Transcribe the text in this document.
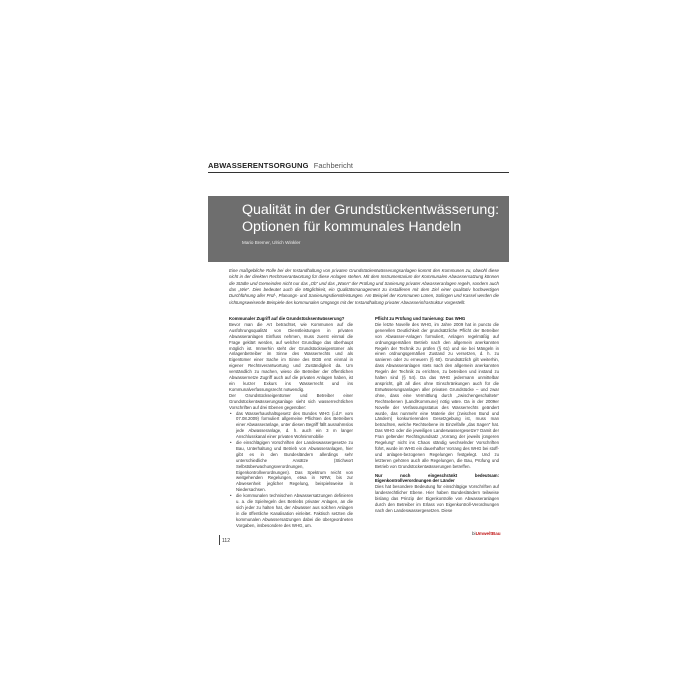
ABWASSERENTSORGUNG Fachbericht
Qualität in der Grundstückentwässerung: Optionen für kommunales Handeln
Mario Bremer, Ulrich Winkler
Eine maßgebliche Rolle bei der Instandhaltung von privaten Grundstückentwässerungsanlagen kommt den Kommunen zu, obwohl diese nicht in der direkten Rechtsverantwortung für diese Anlagen stehen. Mit dem Instrumentarium der Kommunalen Abwassersatzung können die Städte und Gemeinden nicht nur das „Ob“ und das „Wann“ der Prüfung und Sanierung privater Abwasseranlagen regeln, sondern auch das „Wie“. Dies bedeutet auch die Möglichkeit, ein Qualitätsmanagement zu installieren mit dem Ziel einer qualitativ hochwertigen Durchführung aller Prüf-, Planungs- und Sanierungsdienstleistungen. Am Beispiel der Kommunen Lünen, Solingen und Kassel werden die richtungsweisende Beispiele des kommunalen Umgangs mit der Instandhaltung privater Abwasserinfrastruktur vorgestellt.

Kommunaler Zugriff auf die Grundstücksentwässerung?

Bevor man die Art betrachtet, wie Kommunen auf die Ausführungsqualität von Dienstleistungen in privaten Abwasseranlagen Einfluss nehmen, muss zuerst einmal die Frage geklärt werden, auf welcher Grundlage das überhaupt möglich ist. Immerhin steht der Grundstückseigentümer als Anlagenbetreiber im Sinne des Wasserrechts und als Eigentümer einer Sache im Sinne des BGB erst einmal in eigener Rechtsverantwortung und Zuständigkeit da. Um verständlich zu machen, wieso die Betreiber der öffentlichen Abwassernetze Zugriff auch auf die privaten Anlagen haben, ist ein kurzer Exkurs ins Wasserrecht und ins Kommunalverfassungsrecht notwendig.

Der Grundstückseigentümer und Betreiber einer Grundstückentwässerungsanlage sieht sich wasserrechtlichen Vorschriften auf drei Ebenen gegenüber:

• das Wasserhaushaltsgesetz des Bundes WHG (i.d.F. vom 07.08.2009) formuliert allgemeine Pflichten des Betreibers einer Abwasseranlage, unter diesen Begriff fällt ausnahmslos jede Abwasseranlage, d. h. auch ein 3 m langer Anschlusskanal einer privaten Wohnimmobilie
• die einschlägigen Vorschriften der Landeswassergesetze zu Bau, Unterhaltung und Betrieb von Abwasseranlagen, hier gibt es in den Bundesländern allerdings sehr unterschiedliche Ansätze (Stichwort Selbstüberwachungsverordnungen, Eigenkontrollverordnungen). Das Spektrum reicht von weitgehenden Regelungen, etwa in NRW, bis zur Abwesenheit jeglicher Regelung, beispielsweise in Niedersachsen.
• die kommunalen technischen Abwassersatzungen definieren u. a. die Spielregeln des Betriebs privater Anlagen, an die sich jeder zu halten hat, der Abwasser aus solchen Anlagen in die öffentliche Kanalisation einleitet. Faktisch setzten die kommunalen Abwassersatzungen dabei die übergeordneten Vorgaben, insbesondere des WHG, um.

Pflicht zu Prüfung und Sanierung: Das WHG

Die letzte Novelle des WHG, im Jahre 2009 hat in puncto die generellen Deutlichkeit der grundsätzliche Pflicht der Betreiber von Abwasser-Anlagen formuliert, Anlagen regelmäßig auf ordnungsgemäßen Betrieb nach den allgemein anerkannten Regeln der Technik zu prüfen (§ 61) und sie bei Mängeln in einen ordnungsgemäßen Zustand zu versetzen, d. h. zu sanieren oder zu erneuern (§ 60). Grundsätzlich gilt weiterhin, dass Abwasseranlagen stets nach den allgemein anerkannten Regeln der Technik zu errichten, zu betreiben und instand zu halten sind (§ 54). Da das WHG jedermann unmittelbar anspricht, gilt all dies ohne Einschränkungen auch für die Entwässerungsanlagen aller privaten Grundstücke – und zwar ohne, dass eine Vermittlung durch „zwischengeschaltete“ Rechtsebenen (Land/Kommune) nötig wäre. Da in der 2009er Novelle der Verfassungsstatus des Wasserrechts geändert wurde, das nunmehr eine Materie der (zwischen Bund und Ländern) konkurrierenden Gesetzgebung ist, muss man betrachten, welche Rechtsebene im Einzelfalle „das Sagen“ hat. Das WHG oder die jeweiligen Landeswassergesetze? Damit der Fran geltender Rechtsgrundsatz „Vorrang der jeweils jüngeren Regelung“ nicht ins Chaos ständig wechselnder Vorschriften führt, wurde im WHG ein dauerhafter Vorrang des WHG bei stoff- und anlagen-bezogenen Regelungen festgelegt. Und zu letzteren gehören auch alle Regelungen, die Bau, Prüfung und Betrieb von Grundstückentwässerungen betreffen.

Nur noch eingeschränkt bedeutsam: Eigenkontrollverordnungen der Länder

Dies hat besondere Bedeutung für einschlägige Vorschriften auf landesrechtlicher Ebene. Hier haben Bundesländern teilweise bislang das Prinzip der Eigenkontrolle von Abwasseranlagen durch den Betreiber im Erlass von Eigenkontroll-Verordnungen nach den Landeswassergesetzen. Diese

112
biUmweltBau
